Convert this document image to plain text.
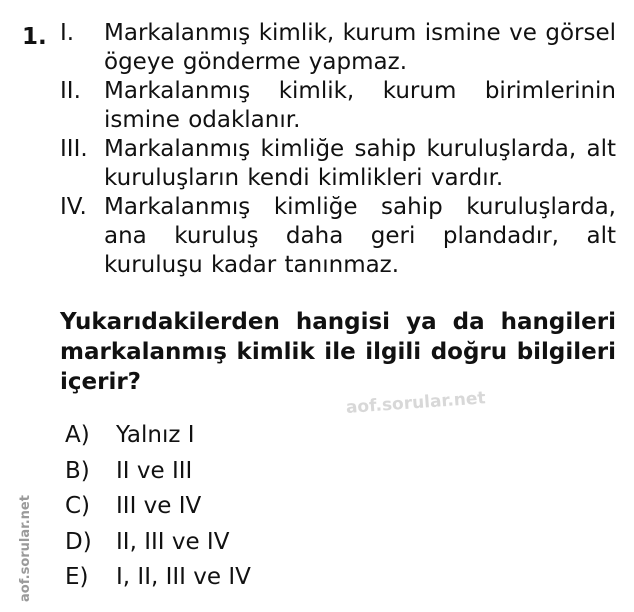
1. I.	Markalanmış kimlik, kurum ismine ve görsel ögeye gönderme yapmaz.
II.	Markalanmış kimlik, kurum birimlerinin ismine odaklanır.
III. Markalanmış kimliğe sahip kuruluşlarda, alt kuruluşların kendi kimlikleri vardır.
IV. Markalanmış kimliğe sahip kuruluşlarda, ana kuruluş daha geri plandadır, alt kuruluşu kadar tanınmaz.
Yukarıdakilerden hangisi ya da hangileri markalanmış kimlik ile ilgili doğru bilgileri içerir?
aof.sorular.net
A)	Yalnız I
B)	II ve III
C)	III ve IV
D)	II, III ve IV
E)	I, II, III ve IV
aof.sorular.net
